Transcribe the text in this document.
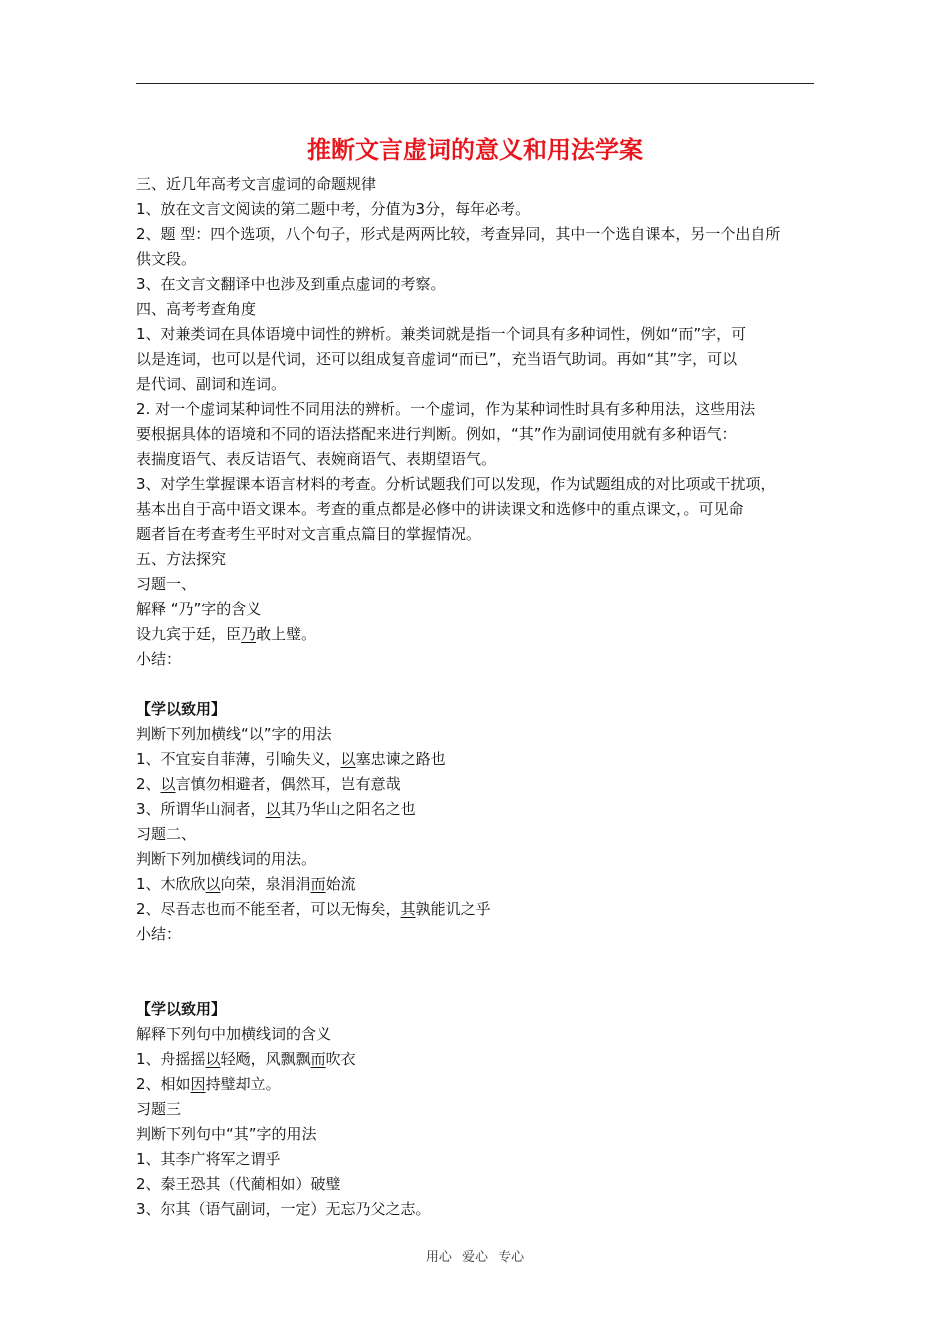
推断文言虚词的意义和用法学案
三、近几年高考文言虚词的命题规律
1、放在文言文阅读的第二题中考，分值为3分，每年必考。
2、题 型：四个选项，八个句子，形式是两两比较，考查异同，其中一个选自课本，另一个出自所
供文段。
3、在文言文翻译中也涉及到重点虚词的考察。
四、高考考查角度
1、对兼类词在具体语境中词性的辨析。兼类词就是指一个词具有多种词性，例如“而”字，可
以是连词，也可以是代词，还可以组成复音虚词“而已”，充当语气助词。再如“其”字，可以
是代词、副词和连词。
2. 对一个虚词某种词性不同用法的辨析。一个虚词，作为某种词性时具有多种用法，这些用法
要根据具体的语境和不同的语法搭配来进行判断。例如，“其”作为副词使用就有多种语气：
表揣度语气、表反诘语气、表婉商语气、表期望语气。
3、对学生掌握课本语言材料的考查。分析试题我们可以发现，作为试题组成的对比项或干扰项，
基本出自于高中语文课本。考查的重点都是必修中的讲读课文和选修中的重点课文，。可见命
题者旨在考查考生平时对文言重点篇目的掌握情况。
五、方法探究
习题一、
解释 “乃”字的含义
设九宾于廷，臣乃敢上璧。
小结：
【学以致用】
判断下列加横线“以”字的用法
1、不宜妄自菲薄，引喻失义，以塞忠谏之路也
2、以言慎勿相避者，偶然耳，岂有意哉
3、所谓华山洞者，以其乃华山之阳名之也
习题二、
判断下列加横线词的用法。
1、木欣欣以向荣，泉涓涓而始流
2、尽吾志也而不能至者，可以无悔矣，其孰能讥之乎
小结：
【学以致用】
解释下列句中加横线词的含义
1、舟摇摇以轻飏，风飘飘而吹衣
2、相如因持璧却立。
习题三
判断下列句中“其”字的用法
1、其李广将军之谓乎
2、秦王恐其（代蔺相如）破璧
3、尔其（语气副词，一定）无忘乃父之志。
用心 爱心 专心
